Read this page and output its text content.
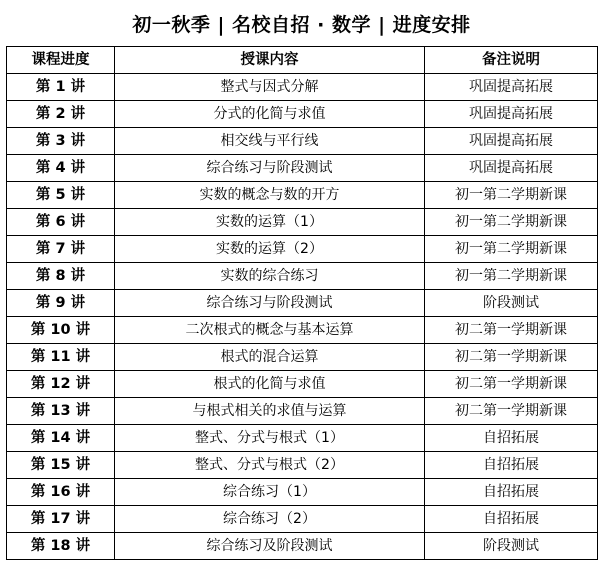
初一秋季 | 名校自招 · 数学 | 进度安排
课程进度	授课内容	备注说明
第 1 讲	整式与因式分解	巩固提高拓展
第 2 讲	分式的化简与求值	巩固提高拓展
第 3 讲	相交线与平行线	巩固提高拓展
第 4 讲	综合练习与阶段测试	巩固提高拓展
第 5 讲	实数的概念与数的开方	初一第二学期新课
第 6 讲	实数的运算（1）	初一第二学期新课
第 7 讲	实数的运算（2）	初一第二学期新课
第 8 讲	实数的综合练习	初一第二学期新课
第 9 讲	综合练习与阶段测试	阶段测试
第 10 讲	二次根式的概念与基本运算	初二第一学期新课
第 11 讲	根式的混合运算	初二第一学期新课
第 12 讲	根式的化简与求值	初二第一学期新课
第 13 讲	与根式相关的求值与运算	初二第一学期新课
第 14 讲	整式、分式与根式（1）	自招拓展
第 15 讲	整式、分式与根式（2）	自招拓展
第 16 讲	综合练习（1）	自招拓展
第 17 讲	综合练习（2）	自招拓展
第 18 讲	综合练习及阶段测试	阶段测试
